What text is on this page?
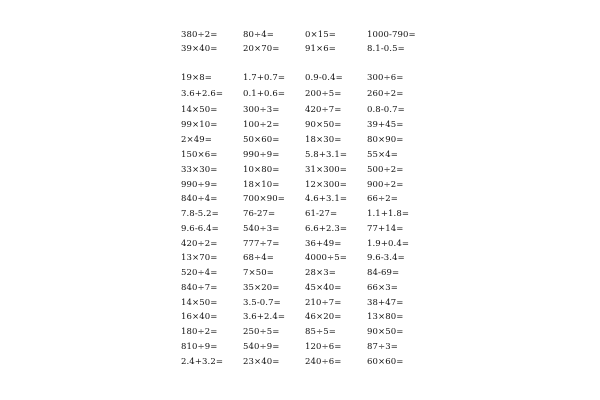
380÷2=	80÷4=	0×15=	1000-790=
39×40=	20×70=	91×6=	8.1-0.5=
19×8=	1.7+0.7= 0.9-0.4=	300÷6=
3.6+2.6= 0.1+0.6= 200÷5=	260÷2=
14×50=	300÷3=	420÷7=	0.8-0.7=
99×10=	100÷2=	90×50=	39+45=
2×49=	50×60=	18×30=	80×90=
150×6=	990÷9=	5.8+3.1= 55×4=
33×30=	10×80=	31×300= 500÷2=
990÷9=	18×10=	12×300= 900÷2=
840÷4=	700×90= 4.6+3.1= 66÷2=
7.8-5.2=	76-27=	61-27=	1.1+1.8=
9.6-6.4=	540÷3=	6.6+2.3= 77+14=
420÷2=	777÷7=	36+49=	1.9+0.4=
13×70=	68÷4=	4000÷5= 9.6-3.4=
520÷4=	7×50=	28×3=	84-69=
840÷7=	35×20=	45×40=	66×3=
14×50=	3.5-0.7=	210÷7=	38+47=
16×40=	3.6+2.4= 46×20=	13×80=
180÷2=	250÷5=	85÷5=	90×50=
810÷9=	540÷9=	120÷6=	87÷3=
2.4+3.2= 23×40=	240÷6=	60×60=
